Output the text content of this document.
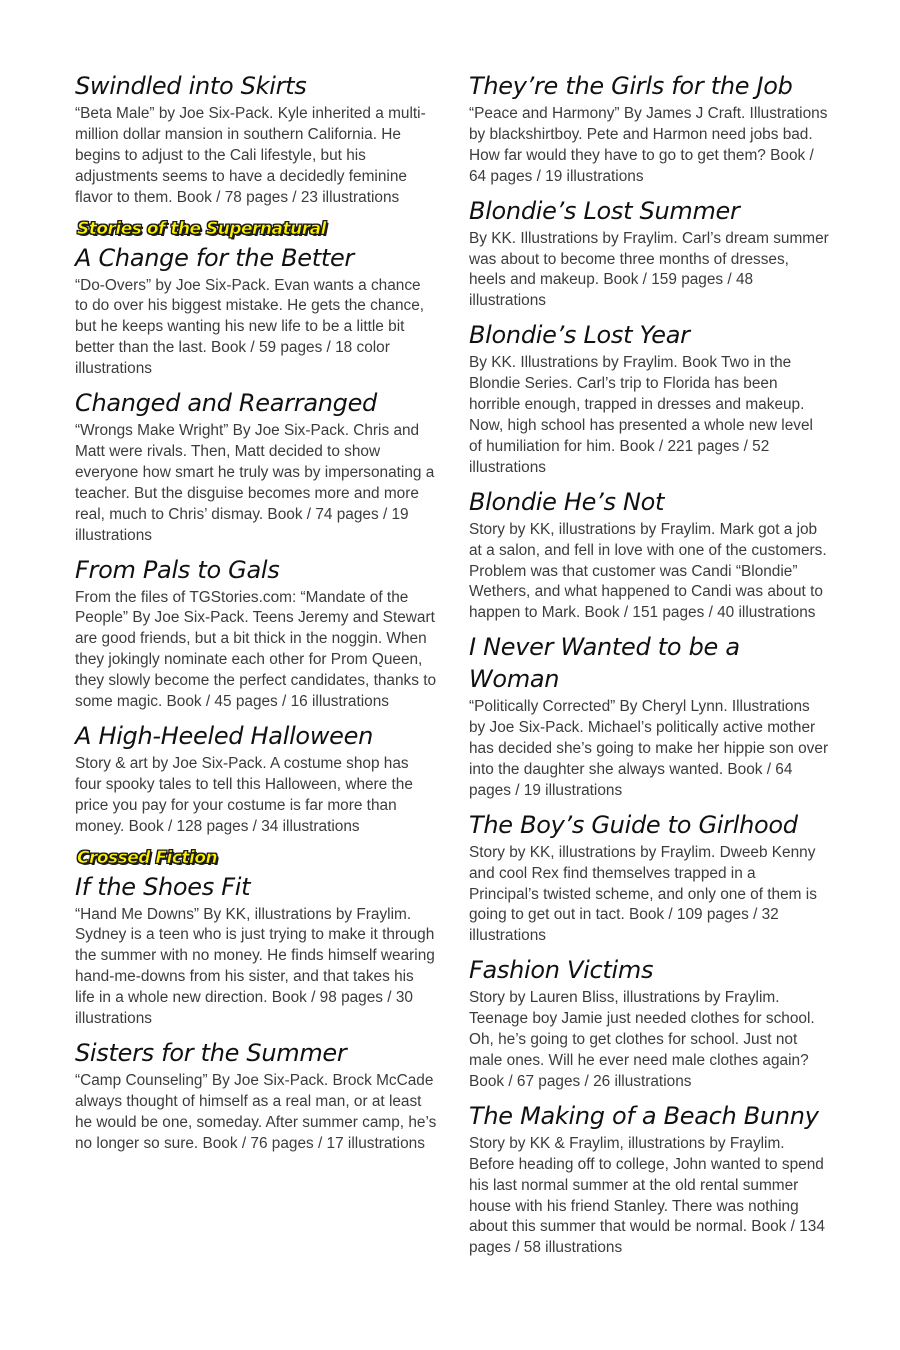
Swindled into Skirts

“Beta Male” by Joe Six-Pack. Kyle inherited a multi-million dollar mansion in southern California. He begins to adjust to the Cali lifestyle, but his adjustments seems to have a decidedly feminine flavor to them. Book / 78 pages / 23 illustrations

Stories of the Supernatural
A Change for the Better

“Do-Overs” by Joe Six-Pack. Evan wants a chance to do over his biggest mistake. He gets the chance, but he keeps wanting his new life to be a little bit better than the last. Book / 59 pages / 18 color illustrations

Changed and Rearranged

“Wrongs Make Wright” By Joe Six-Pack. Chris and Matt were rivals. Then, Matt decided to show everyone how smart he truly was by impersonating a teacher. But the disguise becomes more and more real, much to Chris’ dismay. Book / 74 pages / 19 illustrations

From Pals to Gals

From the files of TGStories.com: “Mandate of the People” By Joe Six-Pack. Teens Jeremy and Stewart are good friends, but a bit thick in the noggin. When they jokingly nominate each other for Prom Queen, they slowly become the perfect candidates, thanks to some magic. Book / 45 pages / 16 illustrations

A High-Heeled Halloween

Story & art by Joe Six-Pack. A costume shop has four spooky tales to tell this Halloween, where the price you pay for your costume is far more than money. Book / 128 pages / 34 illustrations

Crossed Fiction
If the Shoes Fit

“Hand Me Downs” By KK, illustrations by Fraylim. Sydney is a teen who is just trying to make it through the summer with no money. He finds himself wearing hand-me-downs from his sister, and that takes his life in a whole new direction. Book / 98 pages / 30 illustrations

Sisters for the Summer

“Camp Counseling” By Joe Six-Pack. Brock McCade always thought of himself as a real man, or at least he would be one, someday. After summer camp, he’s no longer so sure. Book / 76 pages / 17 illustrations

They’re the Girls for the Job

“Peace and Harmony” By James J Craft. Illustrations by blackshirtboy. Pete and Harmon need jobs bad. How far would they have to go to get them? Book / 64 pages / 19 illustrations

Blondie’s Lost Summer

By KK. Illustrations by Fraylim. Carl’s dream summer was about to become three months of dresses, heels and makeup. Book / 159 pages / 48 illustrations

Blondie’s Lost Year

By KK. Illustrations by Fraylim. Book Two in the Blondie Series. Carl’s trip to Florida has been horrible enough, trapped in dresses and makeup. Now, high school has presented a whole new level of humiliation for him. Book / 221 pages / 52 illustrations

Blondie He’s Not

Story by KK, illustrations by Fraylim. Mark got a job at a salon, and fell in love with one of the customers. Problem was that customer was Candi “Blondie” Wethers, and what happened to Candi was about to happen to Mark. Book / 151 pages / 40 illustrations

I Never Wanted to be a Woman

“Politically Corrected” By Cheryl Lynn. Illustrations by Joe Six-Pack. Michael’s politically active mother has decided she’s going to make her hippie son over into the daughter she always wanted. Book / 64 pages / 19 illustrations

The Boy’s Guide to Girlhood

Story by KK, illustrations by Fraylim. Dweeb Kenny and cool Rex find themselves trapped in a Principal’s twisted scheme, and only one of them is going to get out in tact. Book / 109 pages / 32 illustrations

Fashion Victims

Story by Lauren Bliss, illustrations by Fraylim. Teenage boy Jamie just needed clothes for school. Oh, he’s going to get clothes for school. Just not male ones. Will he ever need male clothes again? Book / 67 pages / 26 illustrations

The Making of a Beach Bunny

Story by KK & Fraylim, illustrations by Fraylim. Before heading off to college, John wanted to spend his last normal summer at the old rental summer house with his friend Stanley. There was nothing about this summer that would be normal. Book / 134 pages / 58 illustrations
